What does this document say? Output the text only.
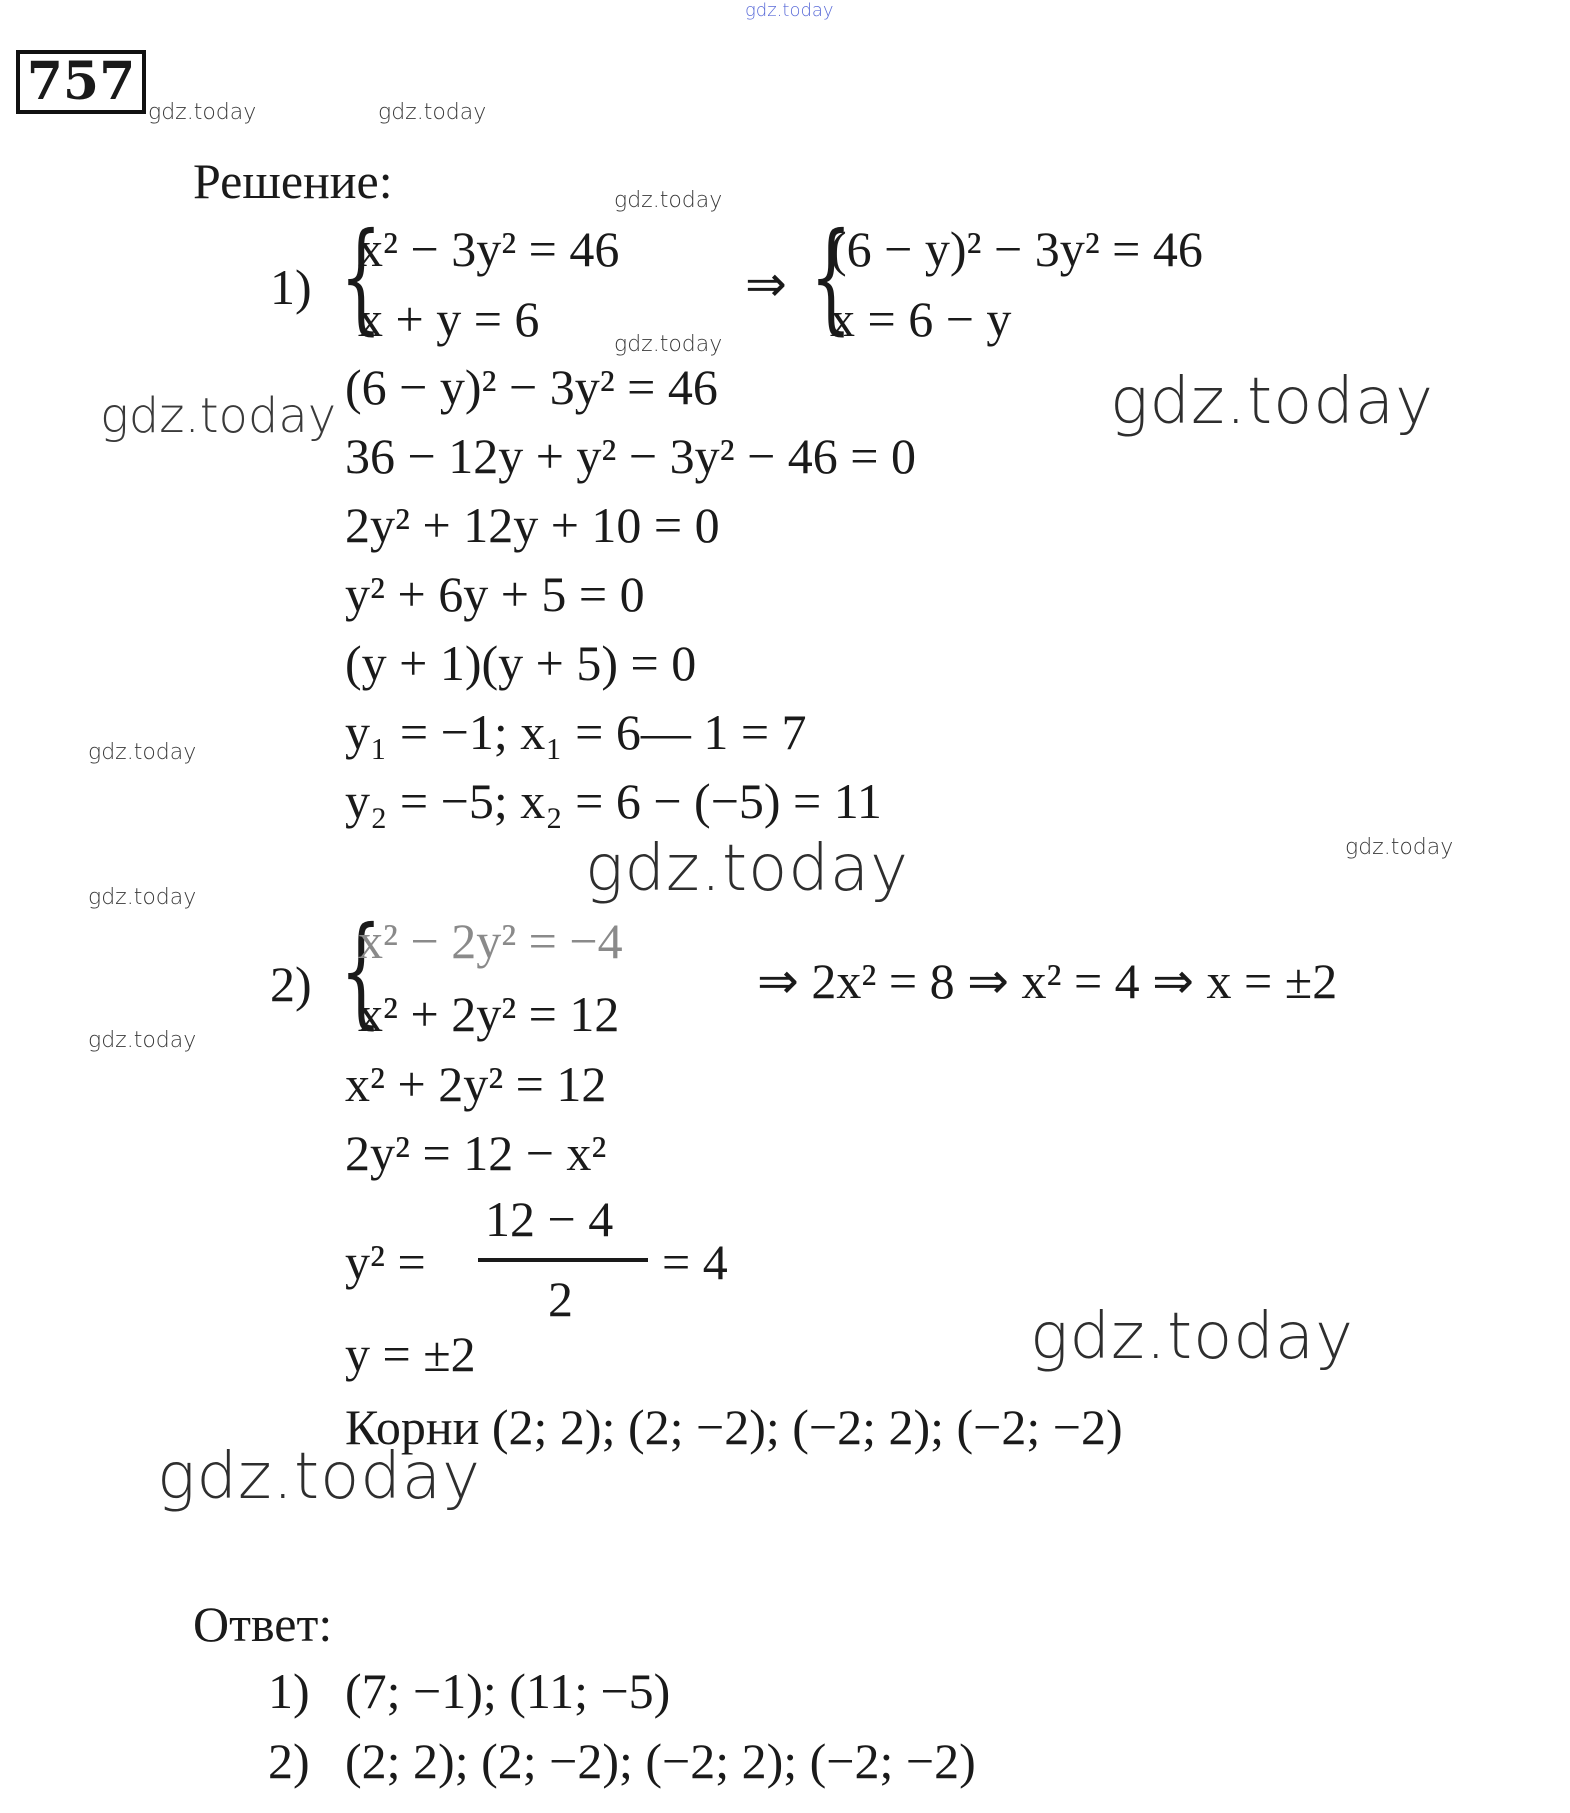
gdz.today
gdz.today	gdz.today
gdz.today
gdz.today
gdz.today	gdz.today
gdz.today
gdz.today
gdz.today
gdz.today
gdz.today
gdz.today
gdz.today
757
Решение:
1) {
x² − 3y² = 46
x + y = 6
⇒ {
(6 − y)² − 3y² = 46
x = 6 − y
(6 − y)² − 3y² = 46
36 − 12y + y² − 3y² − 46 = 0
2y² + 12y + 10 = 0
y² + 6y + 5 = 0
(y + 1)(y + 5) = 0
y₁ = −1; x₁ = 6— 1 = 7
y₂ = −5; x₂ = 6 − (−5) = 11
2) {
x² − 2y² = −4
x² + 2y² = 12
⇒ 2x² = 8 ⇒ x² = 4 ⇒ x = ±2
x² + 2y² = 12
2y² = 12 − x²
y² =
12 − 4
2
= 4
y = ±2
Корни (2; 2); (2; −2); (−2; 2); (−2; −2)
Ответ:
1) (7; −1); (11; −5)
2) (2; 2); (2; −2); (−2; 2); (−2; −2)
